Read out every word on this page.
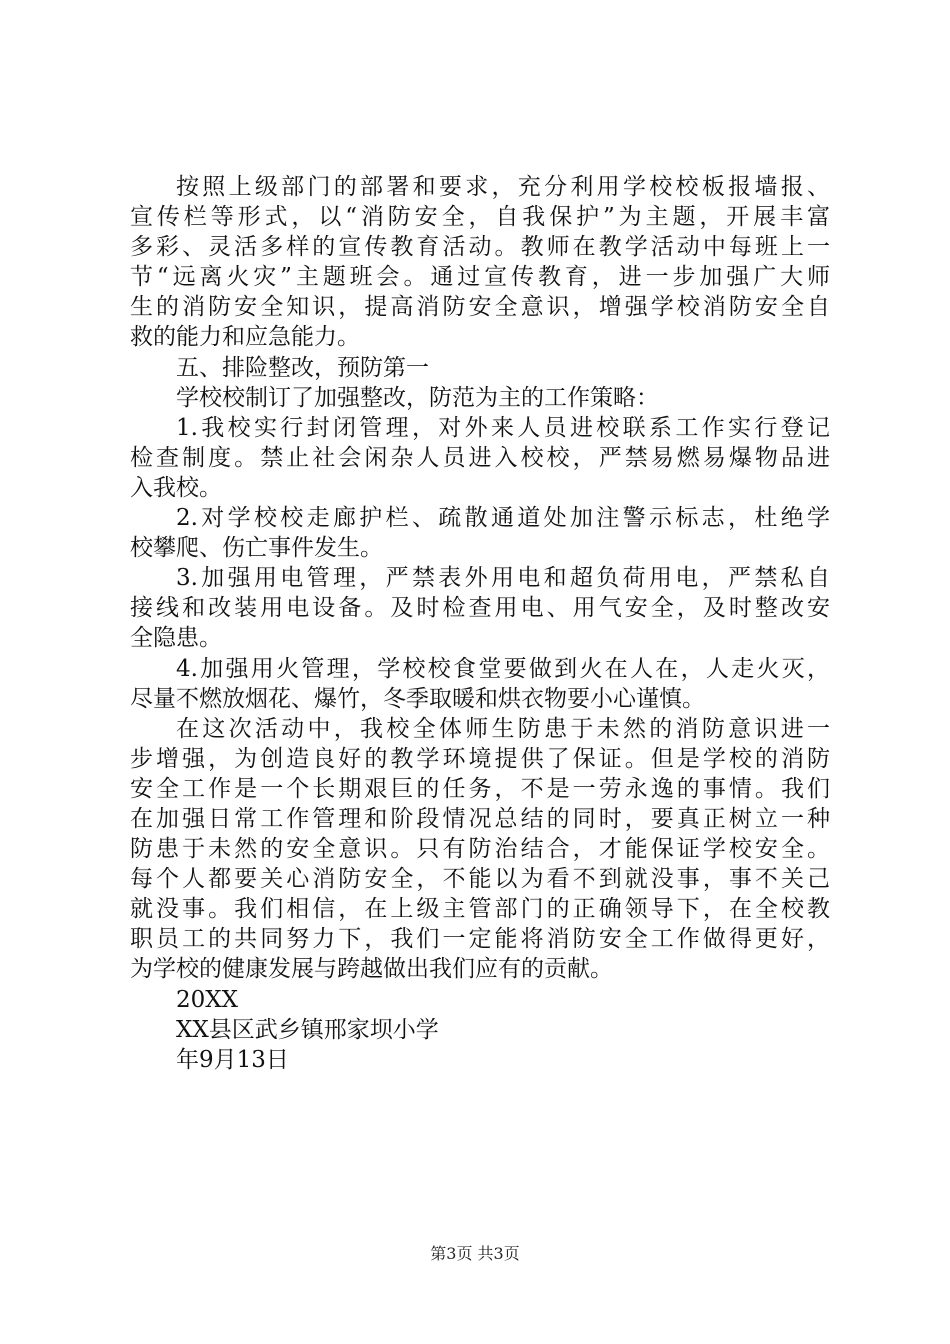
按照上级部门的部署和要求，充分利用学校校板报墙报、
宣传栏等形式，以“消防安全，自我保护”为主题，开展丰富
多彩、灵活多样的宣传教育活动。教师在教学活动中每班上一
节“远离火灾”主题班会。通过宣传教育，进一步加强广大师
生的消防安全知识，提高消防安全意识，增强学校消防安全自
救的能力和应急能力。
五、排险整改，预防第一
学校校制订了加强整改，防范为主的工作策略：
1.我校实行封闭管理，对外来人员进校联系工作实行登记
检查制度。禁止社会闲杂人员进入校校，严禁易燃易爆物品进
入我校。
2.对学校校走廊护栏、疏散通道处加注警示标志，杜绝学
校攀爬、伤亡事件发生。
3.加强用电管理，严禁表外用电和超负荷用电，严禁私自
接线和改装用电设备。及时检查用电、用气安全，及时整改安
全隐患。
4.加强用火管理，学校校食堂要做到火在人在，人走火灭，
尽量不燃放烟花、爆竹，冬季取暖和烘衣物要小心谨慎。
在这次活动中，我校全体师生防患于未然的消防意识进一
步增强，为创造良好的教学环境提供了保证。但是学校的消防
安全工作是一个长期艰巨的任务，不是一劳永逸的事情。我们
在加强日常工作管理和阶段情况总结的同时，要真正树立一种
防患于未然的安全意识。只有防治结合，才能保证学校安全。
每个人都要关心消防安全，不能以为看不到就没事，事不关己
就没事。我们相信，在上级主管部门的正确领导下，在全校教
职员工的共同努力下，我们一定能将消防安全工作做得更好，
为学校的健康发展与跨越做出我们应有的贡献。
20XX
XX县区武乡镇邢家坝小学
年9月13日
第3页 共3页
